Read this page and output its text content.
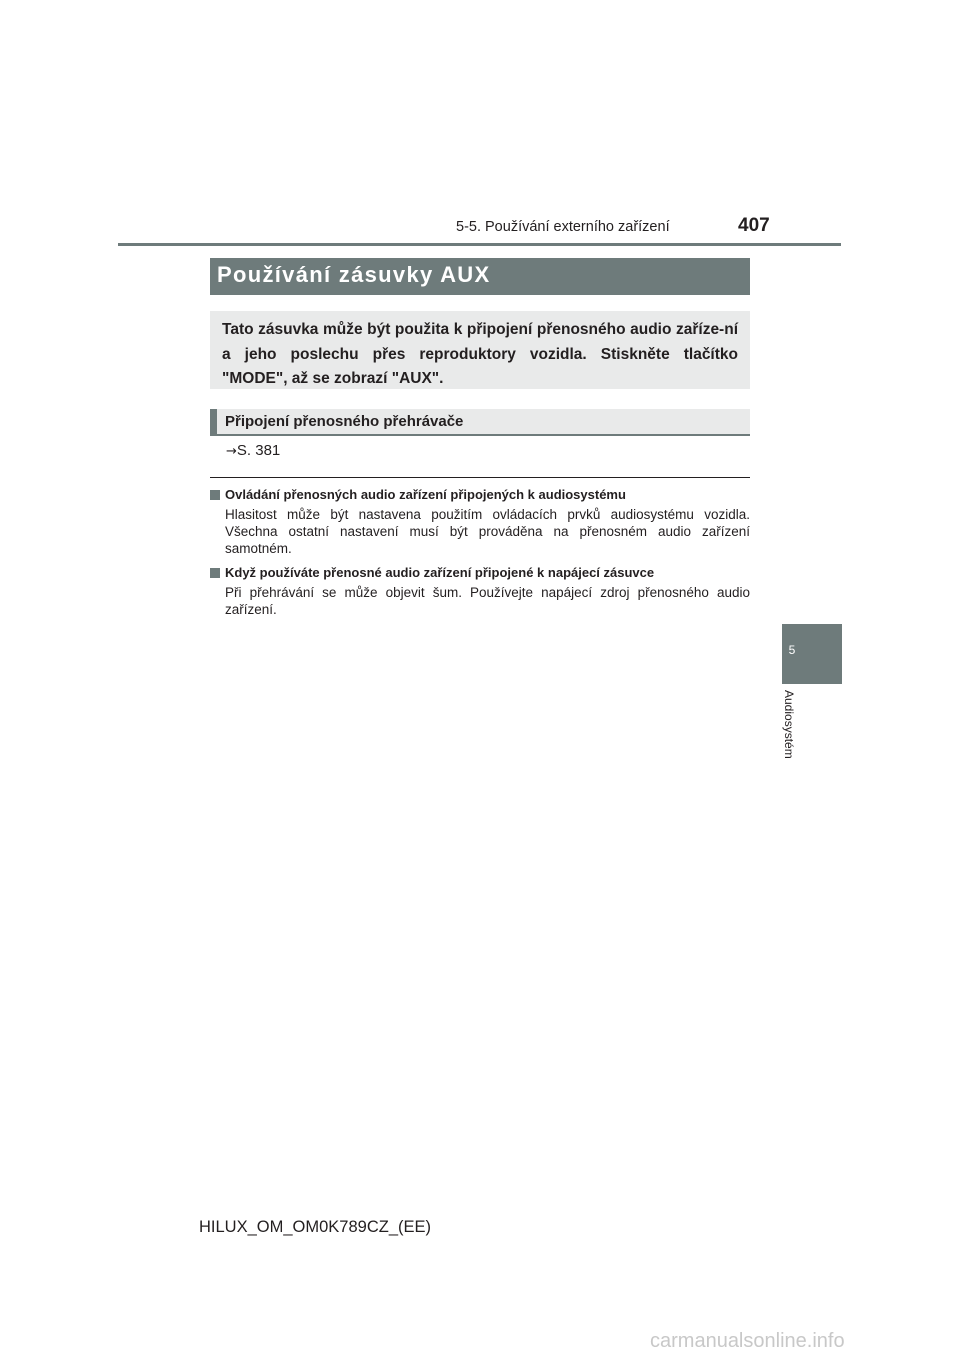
5-5. Používání externího zařízení	407
Používání zásuvky AUX
Tato zásuvka může být použita k připojení přenosného audio zaříze-ní a jeho poslechu přes reproduktory vozidla. Stiskněte tlačítko "MODE", až se zobrazí "AUX".
Připojení přenosného přehrávače
→S. 381
Ovládání přenosných audio zařízení připojených k audiosystému
Hlasitost může být nastavena použitím ovládacích prvků audiosystému vozidla. Všechna ostatní nastavení musí být prováděna na přenosném audio zařízení samotném.
Když používáte přenosné audio zařízení připojené k napájecí zásuvce
Při přehrávání se může objevit šum. Používejte napájecí zdroj přenosného audio zařízení.
5
Audiosystém
HILUX_OM_OM0K789CZ_(EE)
carmanualsonline.info
